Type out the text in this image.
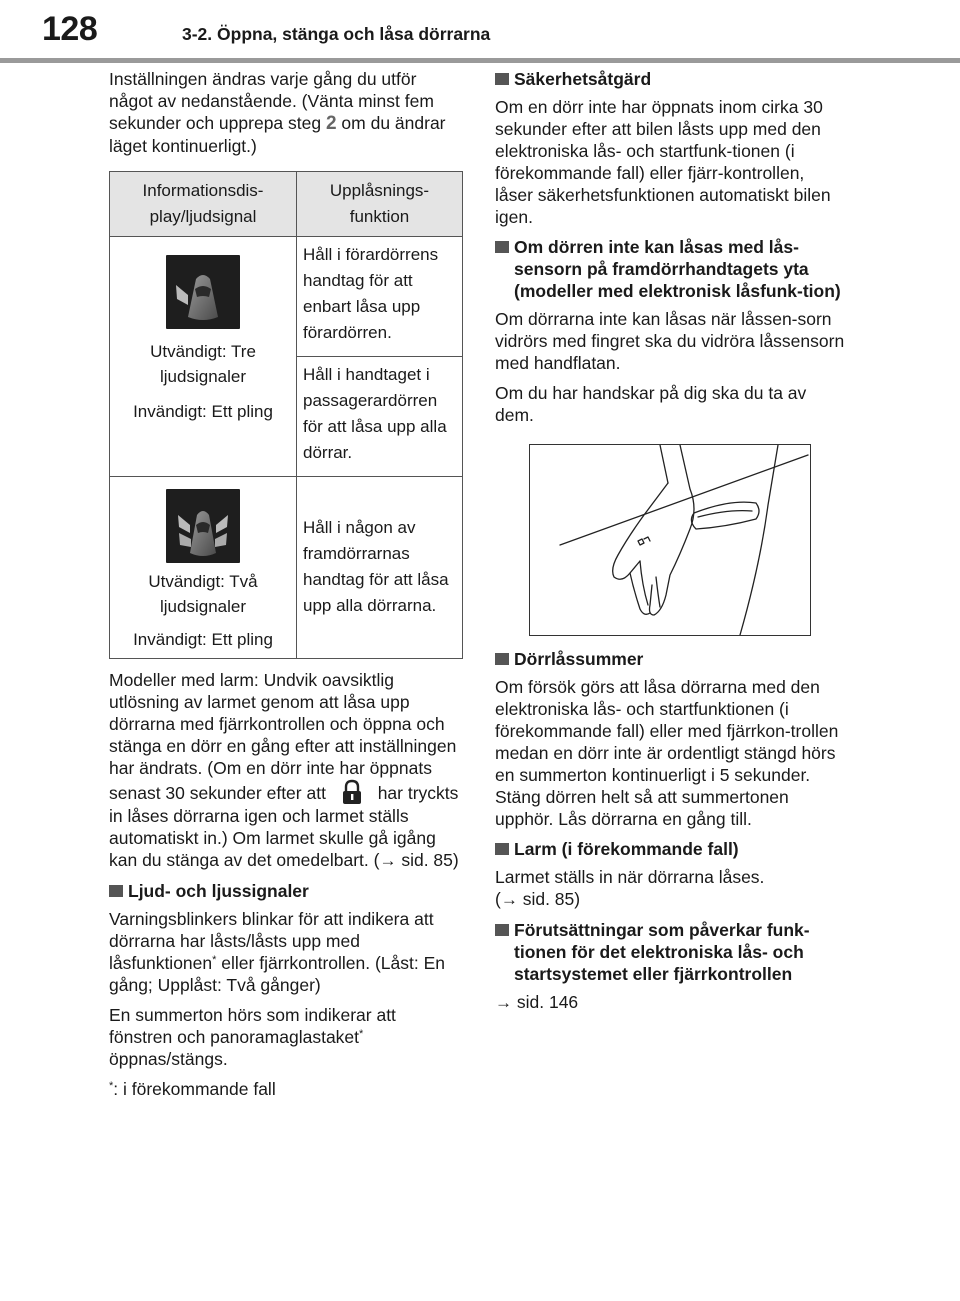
128	3-2. Öppna, stänga och låsa dörrarna

Inställningen ändras varje gång du utför något av nedanstående. (Vänta minst fem sekunder och upprepa steg 2 om du ändrar läget kontinuerligt.)

Informationsdis-play/ljudsignal	Upplåsnings-funktion

Utvändigt: Tre ljudsignaler
Invändigt: Ett pling	Håll i förardörrens handtag för att enbart låsa upp förardörren.
	Håll i handtaget i passagerardörren för att låsa upp alla dörrar.

Utvändigt: Två ljudsignaler
Invändigt: Ett pling	Håll i någon av framdörrarnas handtag för att låsa upp alla dörrarna.

Modeller med larm: Undvik oavsiktlig utlösning av larmet genom att låsa upp dörrarna med fjärrkontrollen och öppna och stänga en dörr en gång efter att inställningen har ändrats. (Om en dörr inte har öppnats senast 30 sekunder efter att	har tryckts in låses dörrarna igen och larmet ställs automatiskt in.) Om larmet skulle gå igång kan du stänga av det omedelbart. (→ sid. 85)

Ljud- och ljussignaler

Varningsblinkers blinkar för att indikera att dörrarna har låsts/låsts upp med låsfunktionen* eller fjärrkontrollen. (Låst: En gång; Upplåst: Två gånger)

En summerton hörs som indikerar att fönstren och panoramaglastaket* öppnas/stängs.

*: i förekommande fall

Säkerhetsåtgärd

Om en dörr inte har öppnats inom cirka 30 sekunder efter att bilen låsts upp med den elektroniska lås- och startfunk-tionen (i förekommande fall) eller fjärr-kontrollen, låser säkerhetsfunktionen automatiskt bilen igen.

Om dörren inte kan låsas med lås-sensorn på framdörrhandtagets yta (modeller med elektronisk låsfunk-tion)

Om dörrarna inte kan låsas när låssen-sorn vidrörs med fingret ska du vidröra låssensorn med handflatan.

Om du har handskar på dig ska du ta av dem.

Dörrlåssummer

Om försök görs att låsa dörrarna med den elektroniska lås- och startfunktionen (i förekommande fall) eller med fjärrkon-trollen medan en dörr inte är ordentligt stängd hörs en summerton kontinuerligt i 5 sekunder. Stäng dörren helt så att summertonen upphör. Lås dörrarna en gång till.

Larm (i förekommande fall)

Larmet ställs in när dörrarna låses.
(→ sid. 85)

Förutsättningar som påverkar funk-tionen för det elektroniska lås- och startsystemet eller fjärrkontrollen

→ sid. 146
